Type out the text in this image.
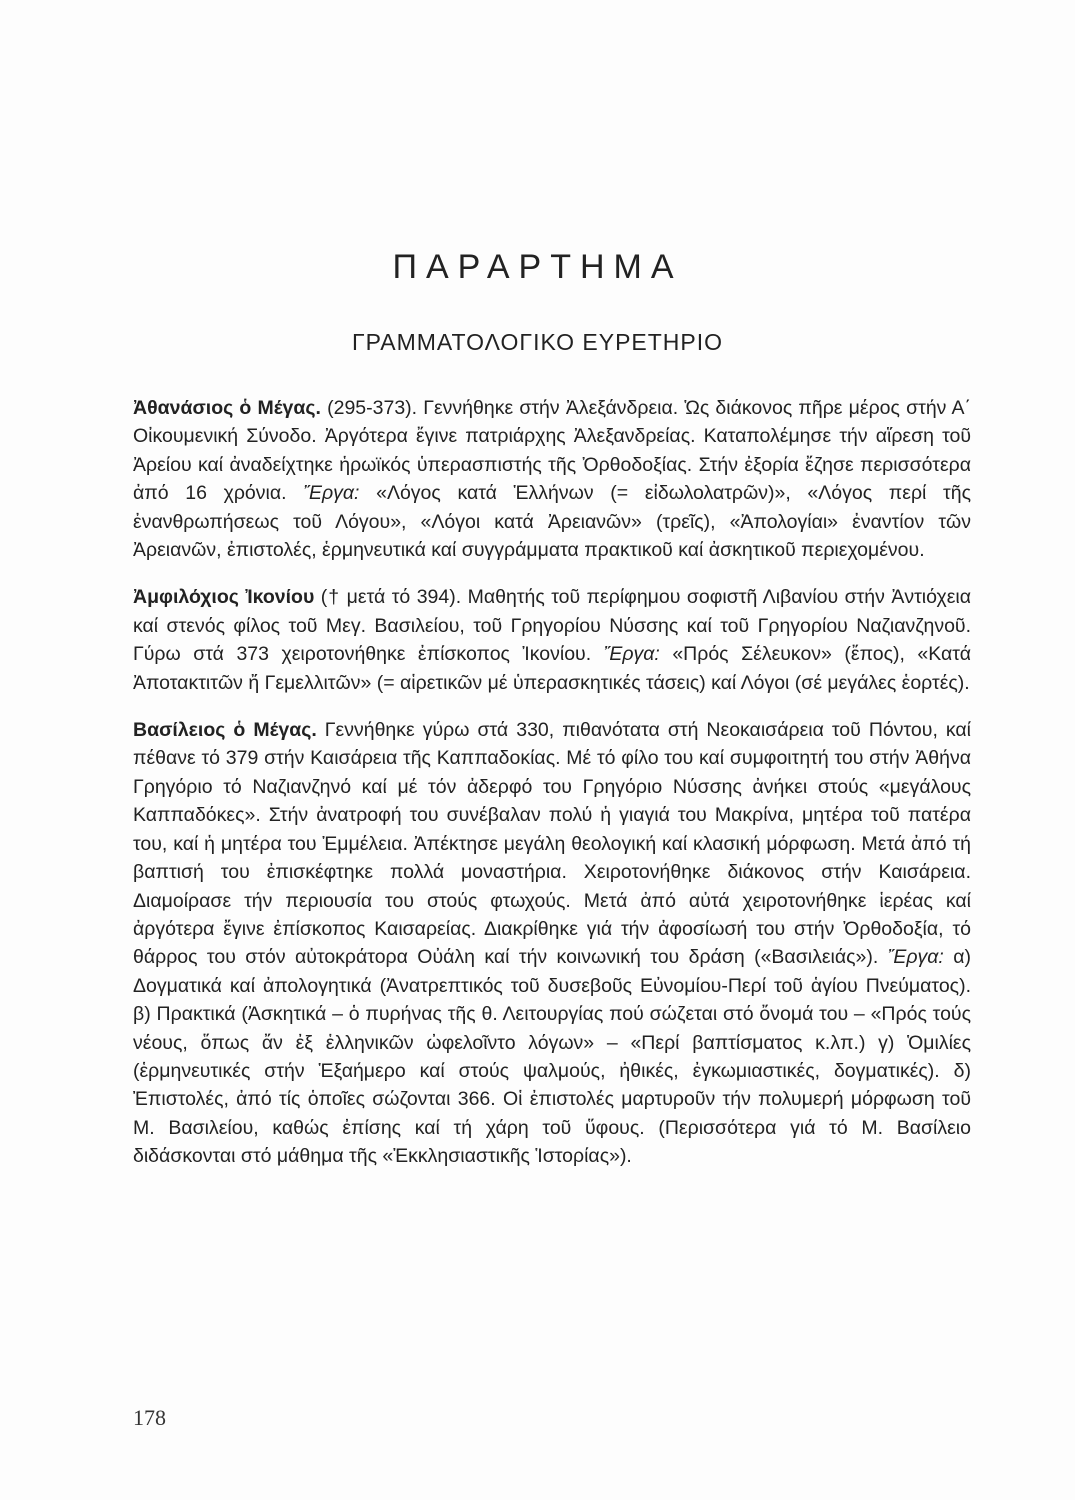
ΠΑΡΑΡΤΗΜΑ
ΓΡΑΜΜΑΤΟΛΟΓΙΚΟ ΕΥΡΕΤΗΡΙΟ

Ἀθανάσιος ὁ Μέγας. (295-373). Γεννήθηκε στήν Ἀλεξάνδρεια. Ὡς διάκονος πῆρε μέρος στήν Α΄ Οἰκουμενική Σύνοδο. Ἀργότερα ἔγινε πατριάρχης Ἀλεξανδρείας. Καταπολέμησε τήν αἵρεση τοῦ Ἀρείου καί ἀναδείχτηκε ἡρωϊκός ὑπερασπιστής τῆς Ὀρθοδοξίας. Στήν ἐξορία ἔζησε περισσότερα ἀπό 16 χρόνια. Ἔργα: «Λόγος κατά Ἑλλήνων (= εἰδωλολατρῶν)», «Λόγος περί τῆς ἐνανθρωπήσεως τοῦ Λόγου», «Λόγοι κατά Ἀρειανῶν» (τρεῖς), «Ἀπολογίαι» ἐναντίον τῶν Ἀρειανῶν, ἐπιστολές, ἑρμηνευτικά καί συγγράμματα πρακτικοῦ καί ἀσκητικοῦ περιεχομένου.

Ἀμφιλόχιος Ἰκονίου († μετά τό 394). Μαθητής τοῦ περίφημου σοφιστῆ Λιβανίου στήν Ἀντιόχεια καί στενός φίλος τοῦ Μεγ. Βασιλείου, τοῦ Γρηγορίου Νύσσης καί τοῦ Γρηγορίου Ναζιανζηνοῦ. Γύρω στά 373 χειροτονήθηκε ἐπίσκοπος Ἰκονίου. Ἔργα: «Πρός Σέλευκον» (ἔπος), «Κατά Ἀποτακτιτῶν ἤ Γεμελλιτῶν» (= αἱρετικῶν μέ ὑπερασκητικές τάσεις) καί Λόγοι (σέ μεγάλες ἑορτές).

Βασίλειος ὁ Μέγας. Γεννήθηκε γύρω στά 330, πιθανότατα στή Νεοκαισάρεια τοῦ Πόντου, καί πέθανε τό 379 στήν Καισάρεια τῆς Καππαδοκίας. Μέ τό φίλο του καί συμφοιτητή του στήν Ἀθήνα Γρηγόριο τό Ναζιανζηνό καί μέ τόν ἀδερφό του Γρηγόριο Νύσσης ἀνήκει στούς «μεγάλους Καππαδόκες». Στήν ἀνατροφή του συνέβαλαν πολύ ἡ γιαγιά του Μακρίνα, μητέρα τοῦ πατέρα του, καί ἡ μητέρα του Ἐμμέλεια. Ἀπέκτησε μεγάλη θεολογική καί κλασική μόρφωση. Μετά ἀπό τή βαπτισή του ἐπισκέφτηκε πολλά μοναστήρια. Χειροτονήθηκε διάκονος στήν Καισάρεια. Διαμοίρασε τήν περιουσία του στούς φτωχούς. Μετά ἀπό αὐτά χειροτονήθηκε ἱερέας καί ἀργότερα ἔγινε ἐπίσκοπος Καισαρείας. Διακρίθηκε γιά τήν ἀφοσίωσή του στήν Ὀρθοδοξία, τό θάρρος του στόν αὐτοκράτορα Οὐάλη καί τήν κοινωνική του δράση («Βασιλειάς»). Ἔργα: α) Δογματικά καί ἀπολογητικά (Ἀνατρεπτικός τοῦ δυσεβοῦς Εὐνομίου-Περί τοῦ ἁγίου Πνεύματος). β) Πρακτικά (Ἀσκητικά – ὁ πυρήνας τῆς θ. Λειτουργίας πού σώζεται στό ὄνομά του – «Πρός τούς νέους, ὅπως ἄν ἐξ ἑλληνικῶν ὠφελοῖντο λόγων» – «Περί βαπτίσματος κ.λπ.) γ) Ὁμιλίες (ἑρμηνευτικές στήν Ἑξαήμερο καί στούς ψαλμούς, ἠθικές, ἐγκωμιαστικές, δογματικές). δ) Ἐπιστολές, ἀπό τίς ὁποῖες σώζονται 366. Οἱ ἐπιστολές μαρτυροῦν τήν πολυμερή μόρφωση τοῦ Μ. Βασιλείου, καθώς ἐπίσης καί τή χάρη τοῦ ὕφους. (Περισσότερα γιά τό Μ. Βασίλειο διδάσκονται στό μάθημα τῆς «Ἐκκλησιαστικῆς Ἱστορίας»).

178
